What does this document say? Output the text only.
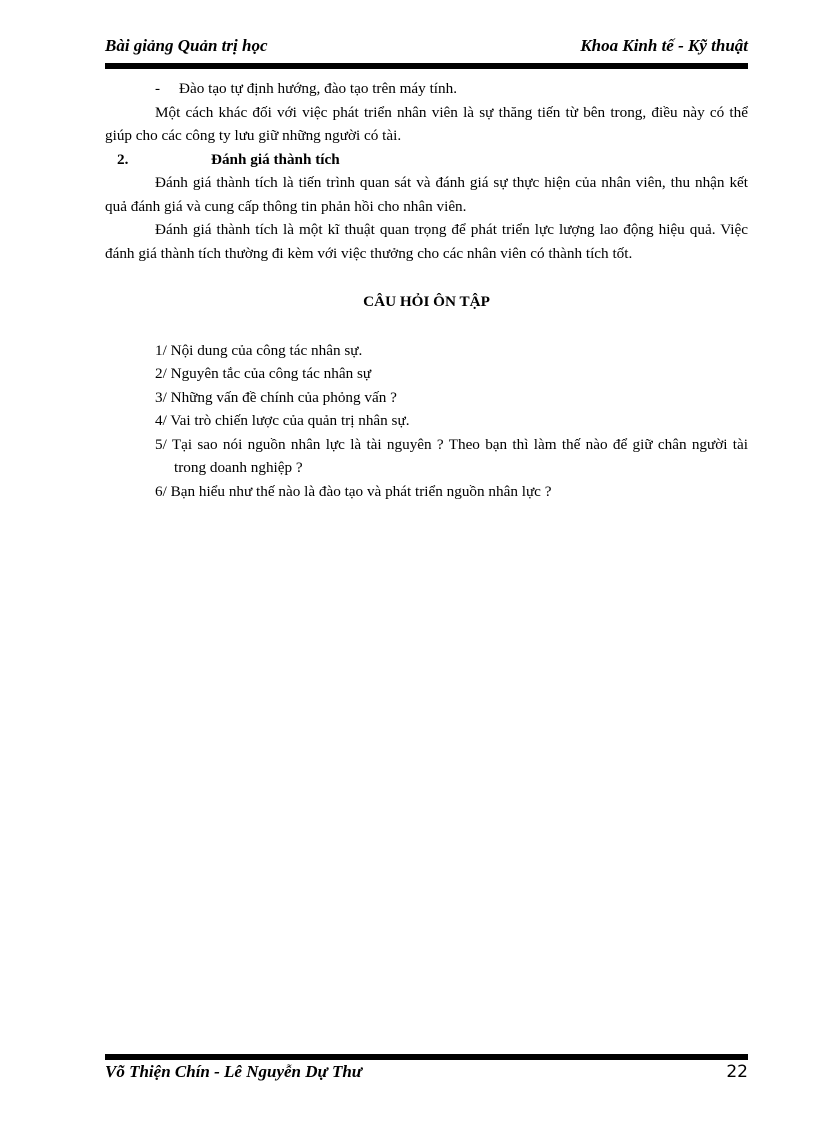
Bài giảng Quản trị học	Khoa Kinh tế - Kỹ thuật

- Đào tạo tự định hướng, đào tạo trên máy tính.

Một cách khác đối với việc phát triển nhân viên là sự thăng tiến từ bên trong, điều này có thể giúp cho các công ty lưu giữ những người có tài.

2.	Đánh giá thành tích

Đánh giá thành tích là tiến trình quan sát và đánh giá sự thực hiện của nhân viên, thu nhận kết quả đánh giá và cung cấp thông tin phản hồi cho nhân viên.

Đánh giá thành tích là một kĩ thuật quan trọng để phát triển lực lượng lao động hiệu quả. Việc đánh giá thành tích thường đi kèm với việc thưởng cho các nhân viên có thành tích tốt.

CÂU HỎI ÔN TẬP

1/ Nội dung của công tác nhân sự.

2/ Nguyên tắc của công tác nhân sự

3/ Những vấn đề chính của phỏng vấn ?

4/ Vai trò chiến lược của quản trị nhân sự.

5/ Tại sao nói nguồn nhân lực là tài nguyên ? Theo bạn thì làm thế nào để giữ chân người tài trong doanh nghiệp ?

6/ Bạn hiểu như thế nào là đào tạo và phát triển nguồn nhân lực ?

Võ Thiện Chín - Lê Nguyễn Dự Thư	22
